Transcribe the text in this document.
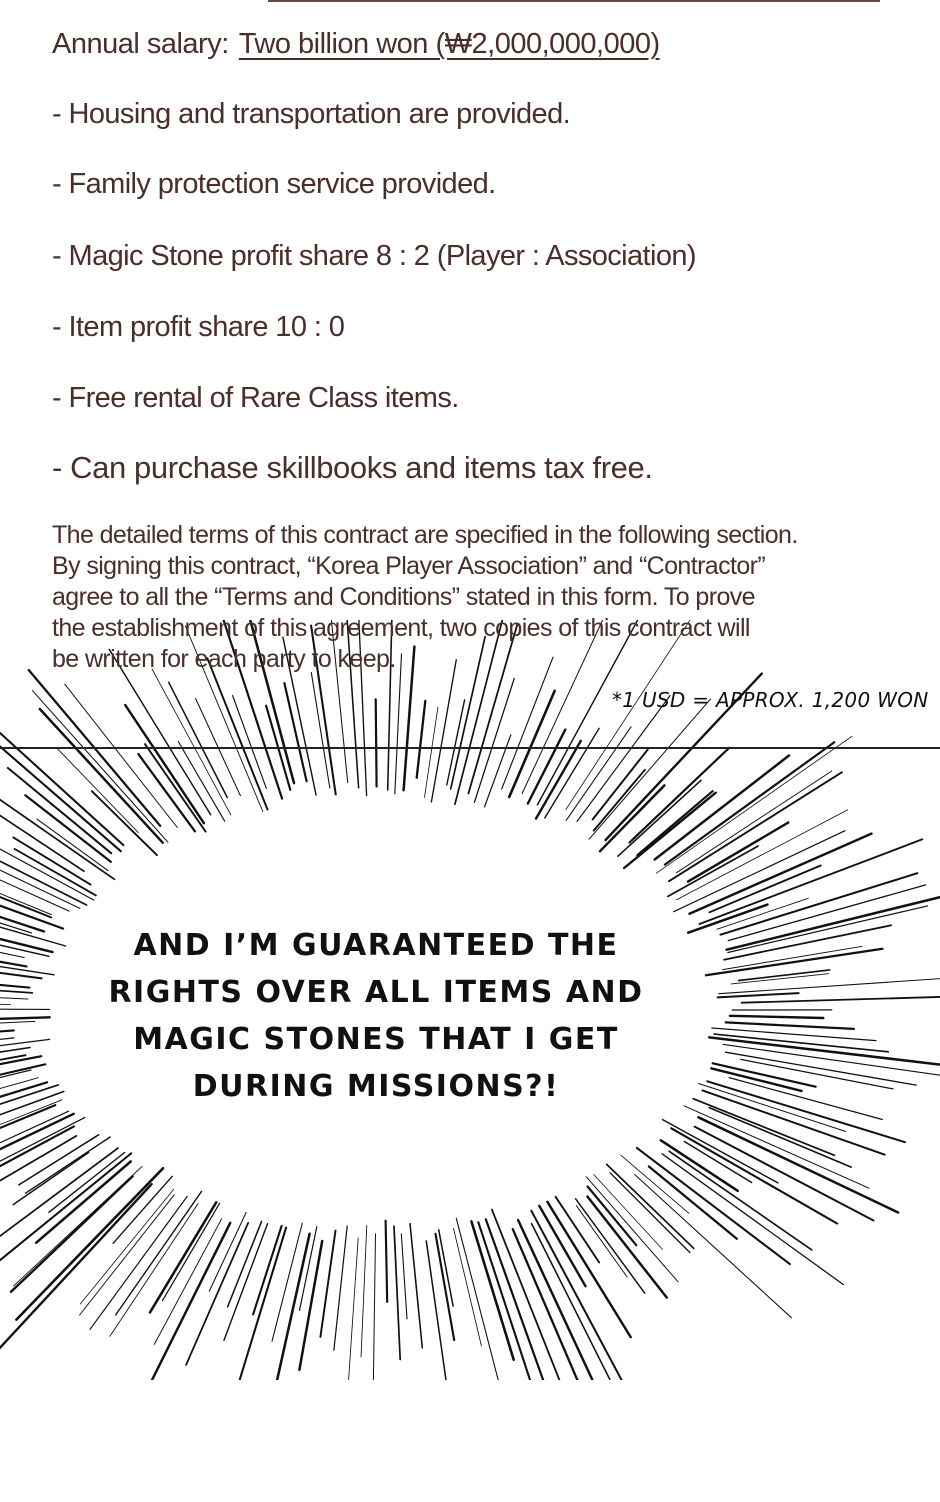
Annual salary: Two billion won (₩2,000,000,000)
- Housing and transportation are provided.
- Family protection service provided.
- Magic Stone profit share 8 : 2 (Player : Association)
- Item profit share 10 : 0
- Free rental of Rare Class items.
- Can purchase skillbooks and items tax free.

The detailed terms of this contract are specified in the following section.
By signing this contract, “Korea Player Association” and “Contractor”
agree to all the “Terms and Conditions” stated in this form. To prove
the establishment of this agreement, two copies of this contract will
be written for each party to keep.

*1 USD = APPROX. 1,200 WON
AND I’M GUARANTEED THE
RIGHTS OVER ALL ITEMS AND
MAGIC STONES THAT I GET
DURING MISSIONS?!
